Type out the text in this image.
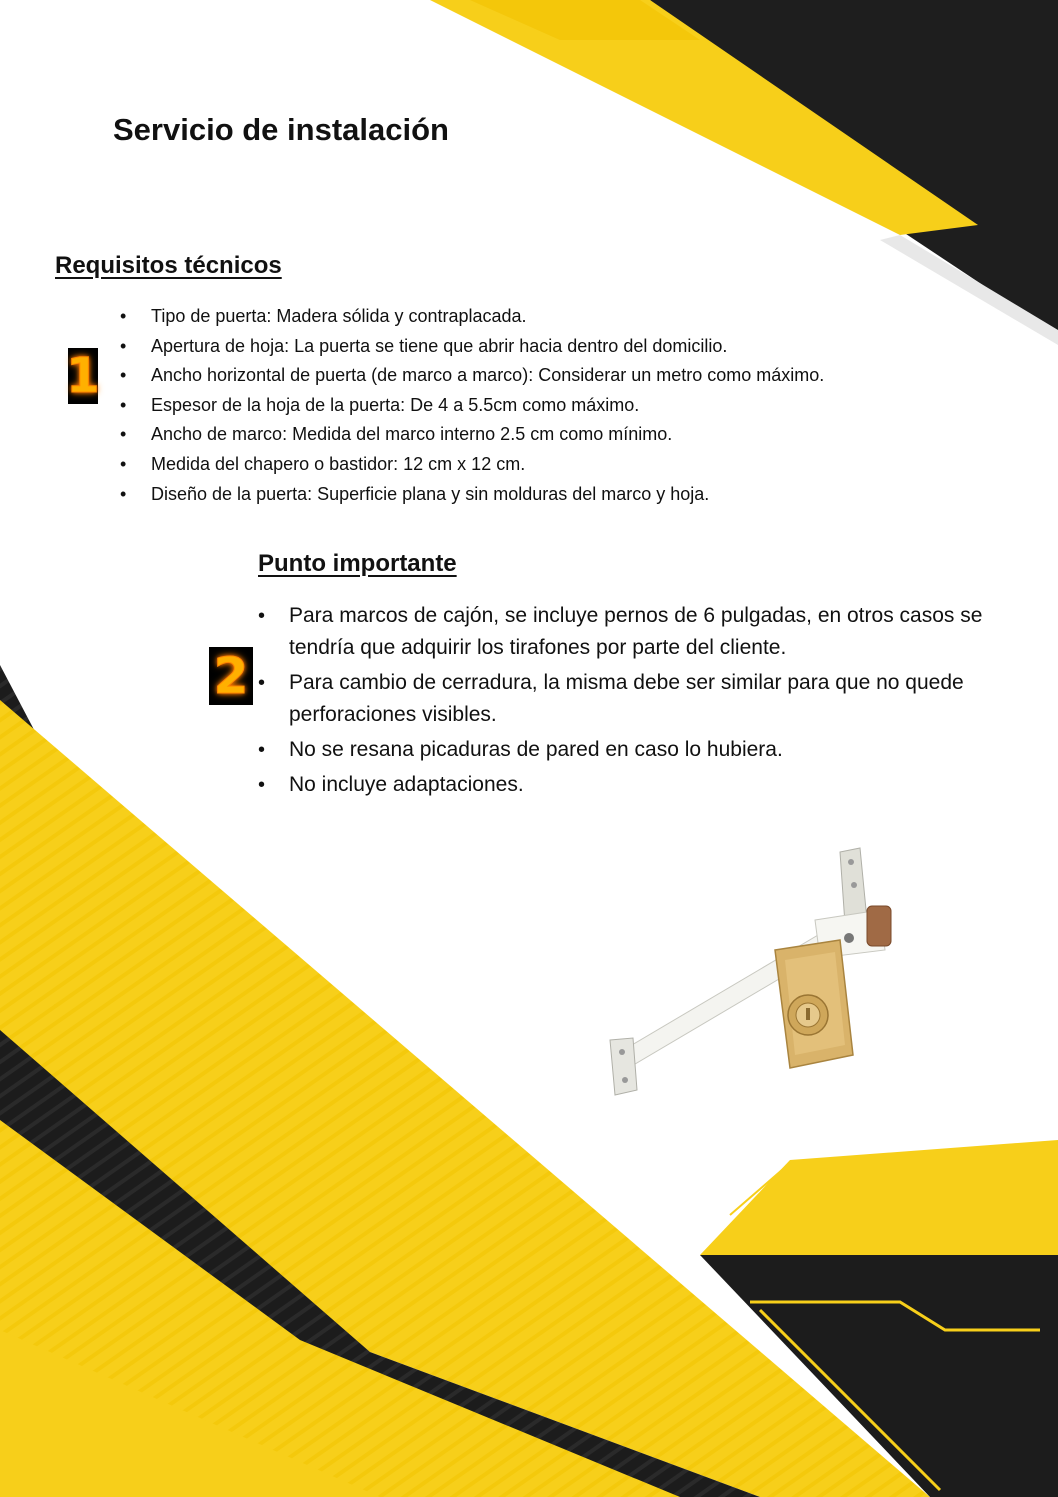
Servicio de instalación
Requisitos técnicos
1
• Tipo de puerta: Madera sólida y contraplacada.
• Apertura de hoja: La puerta se tiene que abrir hacia dentro del domicilio.
• Ancho horizontal de puerta (de marco a marco): Considerar un metro como máximo.
• Espesor de la hoja de la puerta: De 4 a 5.5cm como máximo.
• Ancho de marco: Medida del marco interno 2.5 cm como mínimo.
• Medida del chapero o bastidor: 12 cm x 12 cm.
• Diseño de la puerta: Superficie plana y sin molduras del marco y hoja.
Punto importante
2
• Para marcos de cajón, se incluye pernos de 6 pulgadas, en otros casos se tendría que adquirir los tirafones por parte del cliente.
• Para cambio de cerradura, la misma debe ser similar para que no quede perforaciones visibles.
• No se resana picaduras de pared en caso lo hubiera.
• No incluye adaptaciones.
